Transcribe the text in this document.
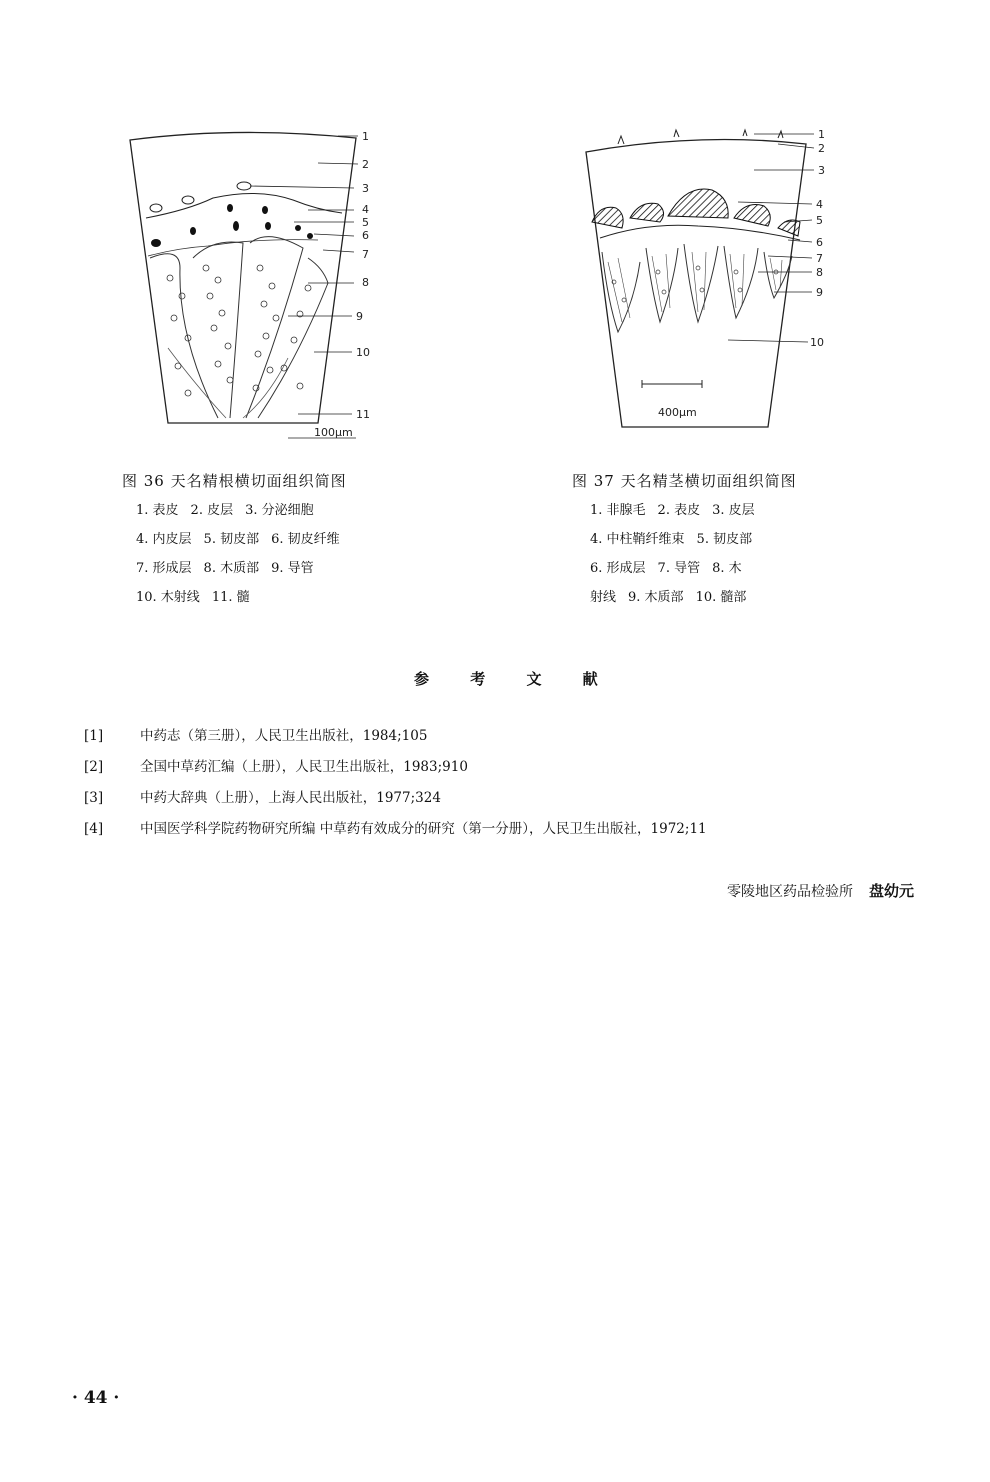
1
2
3
4
5
6
7
8
9
10
11
100μm
1
2
3
4
5
6
7
8
9
10
400μm
图 36 天名精根横切面组织简图
1. 表皮 2. 皮层 3. 分泌细胞
4. 内皮层 5. 韧皮部 6. 韧皮纤维
7. 形成层 8. 木质部 9. 导管
10. 木射线 11. 髓
图 37 天名精茎横切面组织简图
1. 非腺毛 2. 表皮 3. 皮层
4. 中柱鞘纤维束 5. 韧皮部
6. 形成层 7. 导管 8. 木
射线 9. 木质部 10. 髓部
参 考 文 献
[1]	中药志（第三册），人民卫生出版社，1984;105
[2]	全国中草药汇编（上册），人民卫生出版社，1983;910
[3]	中药大辞典（上册），上海人民出版社，1977;324
[4]	中国医学科学院药物研究所编 中草药有效成分的研究（第一分册），人民卫生出版社，1972;11
零陵地区药品检验所 盘幼元
· 44 ·
